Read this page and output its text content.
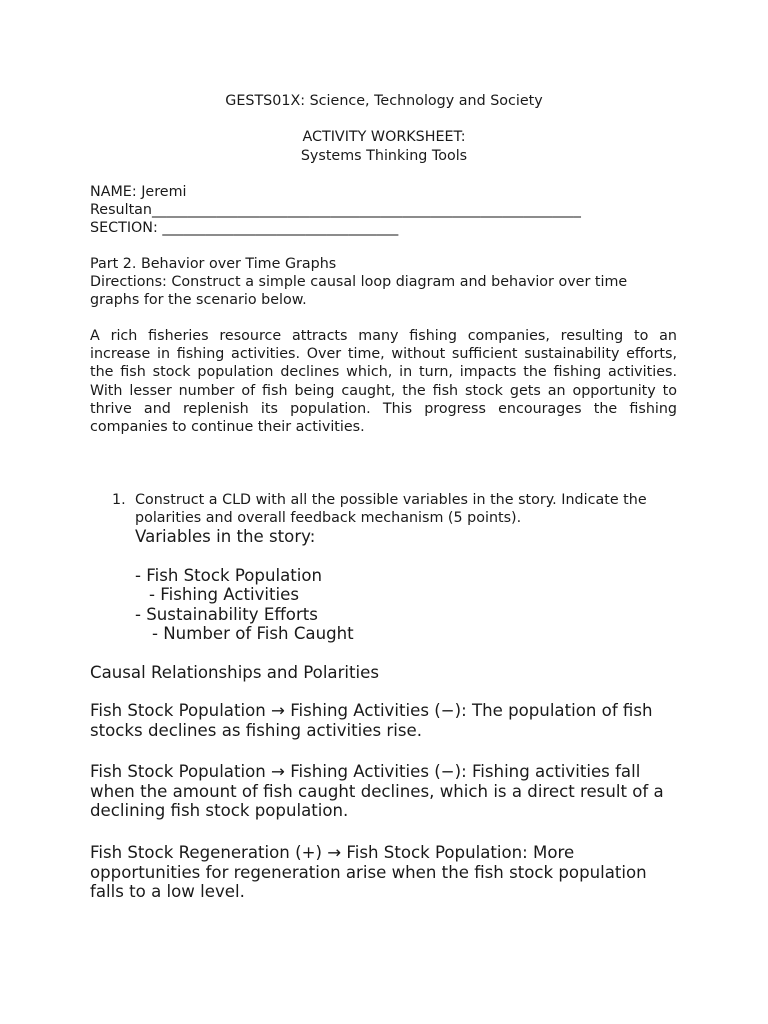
GESTS01X: Science, Technology and Society
ACTIVITY WORKSHEET:
Systems Thinking Tools
NAME: Jeremi
Resultan____________________________________________________________
SECTION: _________________________________
Part 2. Behavior over Time Graphs
Directions: Construct a simple causal loop diagram and behavior over time graphs for the scenario below.
A rich fisheries resource attracts many fishing companies, resulting to an increase in fishing activities. Over time, without sufficient sustainability efforts, the fish stock population declines which, in turn, impacts the fishing activities. With lesser number of fish being caught, the fish stock gets an opportunity to thrive and replenish its population. This progress encourages the fishing companies to continue their activities.
1. Construct a CLD with all the possible variables in the story. Indicate the polarities and overall feedback mechanism (5 points).
Variables in the story:
- Fish Stock Population
- Fishing Activities
- Sustainability Efforts
- Number of Fish Caught
Causal Relationships and Polarities
Fish Stock Population → Fishing Activities (−): The population of fish stocks declines as fishing activities rise.
Fish Stock Population → Fishing Activities (−): Fishing activities fall when the amount of fish caught declines, which is a direct result of a declining fish stock population.
Fish Stock Regeneration (+) → Fish Stock Population: More opportunities for regeneration arise when the fish stock population falls to a low level.
